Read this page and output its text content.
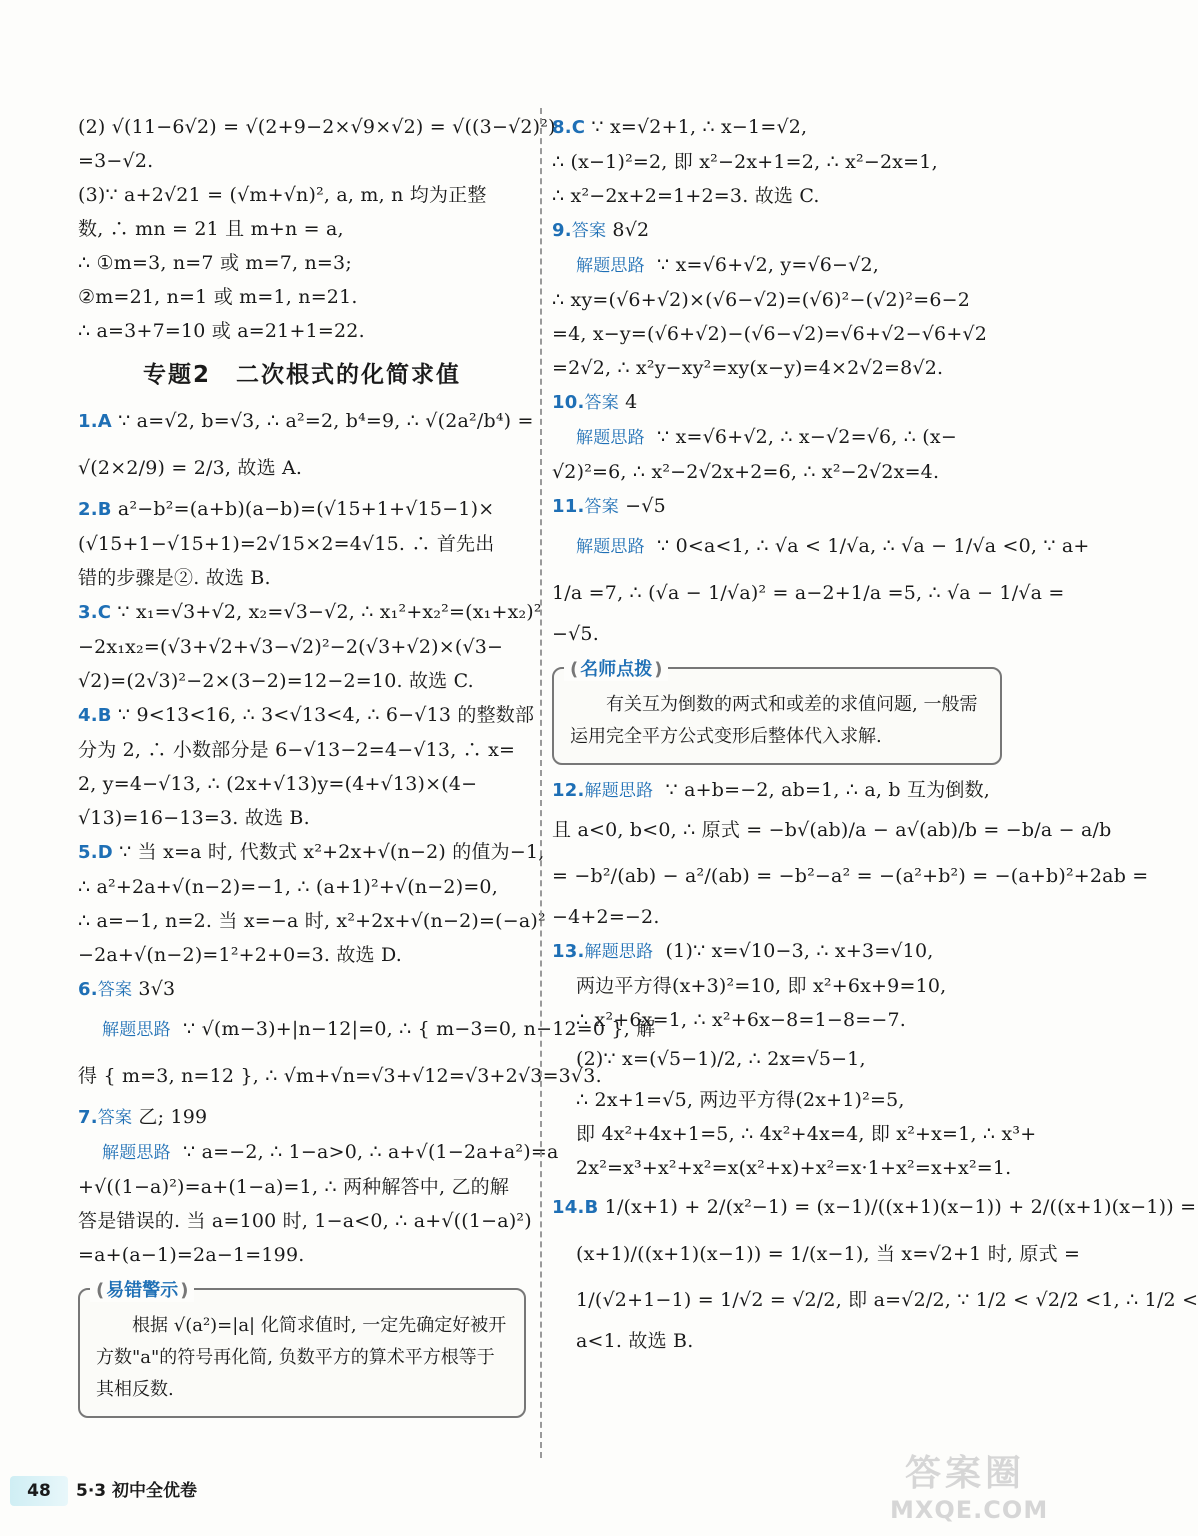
(2) √(11−6√2) = √(2+9−2×√9×√2) = √((3−√2)²)
=3−√2.
(3)∵ a+2√21 = (√m+√n)², a, m, n 均为正整
数, ∴ mn = 21 且 m+n = a,
∴ ①m=3, n=7 或 m=7, n=3;
②m=21, n=1 或 m=1, n=21.
∴ a=3+7=10 或 a=21+1=22.
专题2　二次根式的化简求值
1.A ∵ a=√2, b=√3, ∴ a²=2, b⁴=9, ∴ √(2a²/b⁴) =
√(2×2/9) = 2/3, 故选 A.
2.B a²−b²=(a+b)(a−b)=(√15+1+√15−1)×
(√15+1−√15+1)=2√15×2=4√15. ∴ 首先出
错的步骤是②. 故选 B.
3.C ∵ x₁=√3+√2, x₂=√3−√2, ∴ x₁²+x₂²=(x₁+x₂)²
−2x₁x₂=(√3+√2+√3−√2)²−2(√3+√2)×(√3−
√2)=(2√3)²−2×(3−2)=12−2=10. 故选 C.
4.B ∵ 9<13<16, ∴ 3<√13<4, ∴ 6−√13 的整数部
分为 2, ∴ 小数部分是 6−√13−2=4−√13, ∴ x=
2, y=4−√13, ∴ (2x+√13)y=(4+√13)×(4−
√13)=16−13=3. 故选 B.
5.D ∵ 当 x=a 时, 代数式 x²+2x+√(n−2) 的值为−1,
∴ a²+2a+√(n−2)=−1, ∴ (a+1)²+√(n−2)=0,
∴ a=−1, n=2. 当 x=−a 时, x²+2x+√(n−2)=(−a)²
−2a+√(n−2)=1²+2+0=3. 故选 D.
6.答案 3√3
解题思路 ∵ √(m−3)+|n−12|=0, ∴ { m−3=0, n−12=0 }, 解
得 { m=3, n=12 }, ∴ √m+√n=√3+√12=√3+2√3=3√3.
7.答案 乙; 199
解题思路 ∵ a=−2, ∴ 1−a>0, ∴ a+√(1−2a+a²)=a
+√((1−a)²)=a+(1−a)=1, ∴ 两种解答中, 乙的解
答是错误的. 当 a=100 时, 1−a<0, ∴ a+√((1−a)²)
=a+(a−1)=2a−1=199.
( 易错警示 )

根据 √(a²)=|a| 化简求值时, 一定先确定好被开方数"a"的符号再化简, 负数平方的算术平方根等于其相反数.

8.C ∵ x=√2+1, ∴ x−1=√2,
∴ (x−1)²=2, 即 x²−2x+1=2, ∴ x²−2x=1,
∴ x²−2x+2=1+2=3. 故选 C.
9.答案 8√2
解题思路 ∵ x=√6+√2, y=√6−√2,
∴ xy=(√6+√2)×(√6−√2)=(√6)²−(√2)²=6−2
=4, x−y=(√6+√2)−(√6−√2)=√6+√2−√6+√2
=2√2, ∴ x²y−xy²=xy(x−y)=4×2√2=8√2.
10.答案 4
解题思路 ∵ x=√6+√2, ∴ x−√2=√6, ∴ (x−
√2)²=6, ∴ x²−2√2x+2=6, ∴ x²−2√2x=4.
11.答案 −√5
解题思路 ∵ 0<a<1, ∴ √a < 1/√a, ∴ √a − 1/√a <0, ∵ a+
1/a =7, ∴ (√a − 1/√a)² = a−2+1/a =5, ∴ √a − 1/√a =
−√5.
( 名师点拨 )

有关互为倒数的两式和或差的求值问题, 一般需运用完全平方公式变形后整体代入求解.

12.解题思路 ∵ a+b=−2, ab=1, ∴ a, b 互为倒数,
且 a<0, b<0, ∴ 原式 = −b√(ab)/a − a√(ab)/b = −b/a − a/b
= −b²/(ab) − a²/(ab) = −b²−a² = −(a²+b²) = −(a+b)²+2ab =
−4+2=−2.
13.解题思路 (1)∵ x=√10−3, ∴ x+3=√10,
两边平方得(x+3)²=10, 即 x²+6x+9=10,
∴ x²+6x=1, ∴ x²+6x−8=1−8=−7.
(2)∵ x=(√5−1)/2, ∴ 2x=√5−1,
∴ 2x+1=√5, 两边平方得(2x+1)²=5,
即 4x²+4x+1=5, ∴ 4x²+4x=4, 即 x²+x=1, ∴ x³+
2x²=x³+x²+x²=x(x²+x)+x²=x·1+x²=x+x²=1.
14.B 1/(x+1) + 2/(x²−1) = (x−1)/((x+1)(x−1)) + 2/((x+1)(x−1)) =
(x+1)/((x+1)(x−1)) = 1/(x−1), 当 x=√2+1 时, 原式 =
1/(√2+1−1) = 1/√2 = √2/2, 即 a=√2/2, ∵ 1/2 < √2/2 <1, ∴ 1/2 <
a<1. 故选 B.
48	5·3 初中全优卷	答案圈
MXQE.COM
